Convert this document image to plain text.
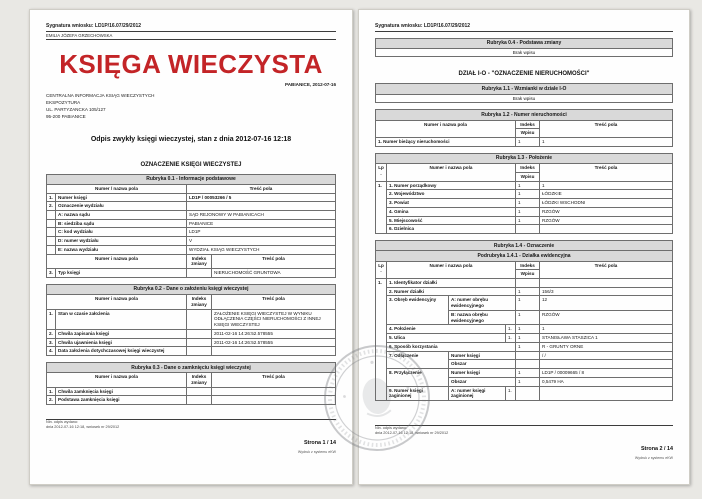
Sygnatura wniosku: LD1P/16.07/29/2012
EMILIA JÓZEFA GRZECHOWSKA
KSIĘGA WIECZYSTA
PABIANICE, 2012-07-16
CENTRALNA INFORMACJA KSIĄG WIECZYSTYCH
EKSPOZYTURA
UL. PARTYZANCKA 105/127
95-200 PABIANICE
Odpis zwykły księgi wieczystej, stan z dnia 2012-07-16 12:18
OZNACZENIE KSIĘGI WIECZYSTEJ
Rubryka 0.1 - Informacje podstawowe			
Numer / nazwa pola		Treść pola	
1.	Numer księgi	LD1P / 00053266 / 5	
2.	Oznaczenie wydziału		
	A: nazwa sądu	SĄD REJONOWY W PABIANICACH	
	B: siedziba sądu	PABIANICE	
	C: kod wydziału	LD1P	
	D: numer wydziału	V	
	E: nazwa wydziału	WYDZIAŁ KSIĄG WIECZYSTYCH	
Numer i nazwa pola		Indeks zmiany	Treść pola
3.	Typ księgi		NIERUCHOMOŚĆ GRUNTOWA
Rubryka 0.2 - Dane o założeniu księgi wieczystej			
Numer i nazwa pola		Indeks zmiany	Treść pola
1.	Stan w czasie założenia		ZAŁOŻENIE KSIĘGI WIECZYSTEJ W WYNIKU ODŁĄCZENIA CZĘŚCI NIERUCHOMOŚCI Z INNEJ KSIĘGI WIECZYSTEJ
2.	Chwila zapisania księgi		2011-02-16 14:26:52.578555
3.	Chwila ujawnienia księgi		2011-02-16 14:26:52.578555
4.	Data założenia dotychczasowej księgi wieczystej		
Rubryka 0.3 - Dane o zamknięciu księgi wieczystej			
Numer i nazwa pola		Indeks zmiany	Treść pola
1.	Chwila zamknięcia księgi		
2.	Podstawa zamknięcia księgi		
Nin. odpis wydano:
dnia 2012-07-16 12:18, wniosek nr 29/2012
Strona 1 / 14
Wydruk z systemu eKW
Sygnatura wniosku: LD1P/16.07/29/2012
Rubryka 0.4 - Podstawa zmiany
Brak wpisu
DZIAŁ I-O - "OZNACZENIE NIERUCHOMOŚCI"
Rubryka 1.1 - Wzmianki w dziale I-O
Brak wpisu
Rubryka 1.2 - Numer nieruchomości		
Numer i nazwa pola	Indeks	Treść pola
	Wpisu	
1. Numer bieżący nieruchomości	1	1
Rubryka 1.3 - Położenie			
Lp.	Numer i nazwa pola	Indeks	Treść pola
		Wpisu	
1.	1. Numer porządkowy	1	1
	2. Województwo	1	ŁÓDZKIE
	3. Powiat	1	ŁÓDZKI WSCHODNI
	4. Gmina	1	RZGÓW
	5. Miejscowość	1	RZGÓW
	6. Dzielnica		
Rubryka 1.4 - Oznaczenie					
Podrubryka 1.4.1 - Działka ewidencyjna					
Lp.	Numer i nazwa pola			Indeks	Treść pola
				Wpisu	
1.	1. Identyfikator działki				
	2. Numer działki			1	156/3
	3. Obręb ewidencyjny	A: numer obrębu ewidencyjnego		1	12
		B: nazwa obrębu ewidencyjnego		1	RZGÓW
	4. Położenie		1.	1	1
	5. Ulica		1.	1	STANISŁAWA STASZICA 1
	6. Sposób korzystania			1	R - GRUNTY ORNE
	7. Odłączenie	Numer księgi			/ /
		Obszar			
	8. Przyłączenie	Numer księgi		1	LD1P / 00009665 / 8
		Obszar		1	0,5479 HA
	9. Numer księgi zaginionej	A: numer księgi zaginionej	1.		
Nin. odpis wydano:
dnia 2012-07-16 12:18, wniosek nr 29/2012
Strona 2 / 14
Wydruk z systemu eKW
